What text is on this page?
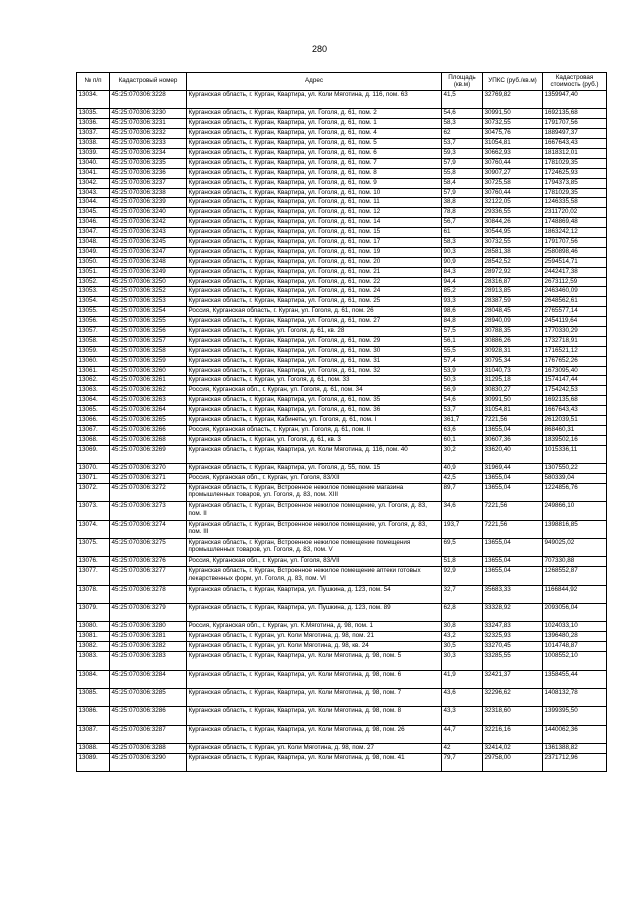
280
№ п/п	Кадастровый номер	Адрес	Площадь (кв.м)	УПКС (руб./кв.м)	Кадастровая стоимость (руб.)
13034.	45:25:070306:3228	Курганская область, г. Курган, Квартира, ул. Коли Мяготина, д. 116, пом. 63	41,5	32769,82	1359947,40
13035.	45:25:070306:3230	Курганская область, г. Курган, Квартира, ул. Гоголя, д. 61, пом. 2	54,6	30991,50	1692135,68
13036.	45:25:070306:3231	Курганская область, г. Курган, Квартира, ул. Гоголя, д. 61, пом. 1	58,3	30732,55	1791707,56
13037.	45:25:070306:3232	Курганская область, г. Курган, Квартира, ул. Гоголя, д. 61, пом. 4	62	30475,76	1889497,37
13038.	45:25:070306:3233	Курганская область, г. Курган, Квартира, ул. Гоголя, д. 61, пом. 5	53,7	31054,81	1667643,43
13039.	45:25:070306:3234	Курганская область, г. Курган, Квартира, ул. Гоголя, д. 61, пом. 6	59,3	30662,93	1818312,01
13040.	45:25:070306:3235	Курганская область, г. Курган, Квартира, ул. Гоголя, д. 61, пом. 7	57,9	30760,44	1781029,35
13041.	45:25:070306:3236	Курганская область, г. Курган, Квартира, ул. Гоголя, д. 61, пом. 8	55,8	30907,27	1724625,93
13042.	45:25:070306:3237	Курганская область, г. Курган, Квартира, ул. Гоголя, д. 61, пом. 9	58,4	30725,58	1794373,85
13043.	45:25:070306:3238	Курганская область, г. Курган, Квартира, ул. Гоголя, д. 61, пом. 10	57,9	30760,44	1781029,35
13044.	45:25:070306:3239	Курганская область, г. Курган, Квартира, ул. Гоголя, д. 61, пом. 11	38,8	32122,05	1246335,58
13045.	45:25:070306:3240	Курганская область, г. Курган, Квартира, ул. Гоголя, д. 61, пом. 12	78,8	29336,55	2311720,02
13046.	45:25:070306:3242	Курганская область, г. Курган, Квартира, ул. Гоголя, д. 61, пом. 14	56,7	30844,26	1748869,48
13047.	45:25:070306:3243	Курганская область, г. Курган, Квартира, ул. Гоголя, д. 61, пом. 15	61	30544,95	1863242,12
13048.	45:25:070306:3245	Курганская область, г. Курган, Квартира, ул. Гоголя, д. 61, пом. 17	58,3	30732,55	1791707,56
13049.	45:25:070306:3247	Курганская область, г. Курган, Квартира, ул. Гоголя, д. 61, пом. 19	90,3	28581,38	2580898,46
13050.	45:25:070306:3248	Курганская область, г. Курган, Квартира, ул. Гоголя, д. 61, пом. 20	90,9	28542,52	2594514,71
13051.	45:25:070306:3249	Курганская область, г. Курган, Квартира, ул. Гоголя, д. 61, пом. 21	84,3	28972,92	2442417,38
13052.	45:25:070306:3250	Курганская область, г. Курган, Квартира, ул. Гоголя, д. 61, пом. 22	94,4	28316,87	2673112,59
13053.	45:25:070306:3252	Курганская область, г. Курган, Квартира, ул. Гоголя, д. 61, пом. 24	85,2	28913,85	2463460,09
13054.	45:25:070306:3253	Курганская область, г. Курган, Квартира, ул. Гоголя, д. 61, пом. 25	93,3	28387,59	2648562,61
13055.	45:25:070306:3254	Россия, Курганская область, г. Курган, ул. Гоголя, д. 61, пом. 26	98,6	28048,45	2765577,14
13056.	45:25:070306:3255	Курганская область, г. Курган, Квартира, ул. Гоголя, д. 61, пом. 27	84,8	28940,09	2454119,64
13057.	45:25:070306:3256	Курганская область, г. Курган, ул. Гоголя, д. 61, кв. 28	57,5	30788,35	1770330,29
13058.	45:25:070306:3257	Курганская область, г. Курган, Квартира, ул. Гоголя, д. 61, пом. 29	56,1	30886,26	1732718,91
13059.	45:25:070306:3258	Курганская область, г. Курган, Квартира, ул. Гоголя, д. 61, пом. 30	55,5	30928,31	1716521,12
13060.	45:25:070306:3259	Курганская область, г. Курган, Квартира, ул. Гоголя, д. 61, пом. 31	57,4	30795,34	1767652,26
13061.	45:25:070306:3260	Курганская область, г. Курган, Квартира, ул. Гоголя, д. 61, пом. 32	53,9	31040,73	1673095,40
13062.	45:25:070306:3261	Курганская область, г. Курган, ул. Гоголя, д. 61, пом. 33	50,3	31295,18	1574147,44
13063.	45:25:070306:3262	Россия, Курганская обл., г. Курган, ул. Гоголя, д. 61, пом. 34	56,9	30830,27	1754242,53
13064.	45:25:070306:3263	Курганская область, г. Курган, Квартира, ул. Гоголя, д. 61, пом. 35	54,6	30991,50	1692135,68
13065.	45:25:070306:3264	Курганская область, г. Курган, Квартира, ул. Гоголя, д. 61, пом. 36	53,7	31054,81	1667643,43
13066.	45:25:070306:3265	Курганская область, г. Курган, Кабинеты, ул. Гоголя, д. 61, пом. I	361,7	7221,56	2612039,51
13067.	45:25:070306:3266	Россия, Курганская область, г. Курган, ул. Гоголя, д. 61, пом. II	63,6	13655,04	868460,31
13068.	45:25:070306:3268	Курганская область, г. Курган, ул. Гоголя, д. 61, кв. 3	60,1	30607,36	1839502,16
13069.	45:25:070306:3269	Курганская область, г. Курган, Квартира, ул. Коли Мяготина, д. 116, пом. 40	30,2	33620,40	1015336,11
13070.	45:25:070306:3270	Курганская область, г. Курган, Квартира, ул. Гоголя, д. 55, пом. 15	40,9	31969,44	1307550,22
13071.	45:25:070306:3271	Россия, Курганская обл., г. Курган, ул. Гоголя, 83/XII	42,5	13655,04	580339,04
13072.	45:25:070306:3272	Курганская область, г. Курган, Встроенное нежилое помещение магазина промышленных товаров, ул. Гоголя, д. 83, пом. XIII	89,7	13655,04	1224856,76
13073.	45:25:070306:3273	Курганская область, г. Курган, Встроенное нежилое помещение, ул. Гоголя, д. 83, пом. II	34,6	7221,56	249866,10
13074.	45:25:070306:3274	Курганская область, г. Курган, Встроенное нежилое помещение, ул. Гоголя, д. 83, пом. III	193,7	7221,56	1398816,85
13075.	45:25:070306:3275	Курганская область, г. Курган, Встроенное нежилое помещение помещения промышленных товаров, ул. Гоголя, д. 83, пом. V	69,5	13655,04	949025,02
13076.	45:25:070306:3276	Россия, Курганская обл., г. Курган, ул. Гоголя, 83/VII	51,8	13655,04	707330,88
13077.	45:25:070306:3277	Курганская область, г. Курган, Встроенное нежилое помещение аптеки готовых лекарственных форм, ул. Гоголя, д. 83, пом. VI	92,9	13655,04	1268552,87
13078.	45:25:070306:3278	Курганская область, г. Курган, Квартира, ул. Пушкина, д. 123, пом. 54	32,7	35683,33	1166844,92
13079.	45:25:070306:3279	Курганская область, г. Курган, Квартира, ул. Пушкина, д. 123, пом. 89	62,8	33328,92	2093056,04
13080.	45:25:070306:3280	Россия, Курганская обл., г. Курган, ул. К.Мяготина, д. 98, пом. 1	30,8	33247,83	1024033,10
13081.	45:25:070306:3281	Курганская область, г. Курган, ул. Коли Мяготина, д. 98, пом. 21	43,2	32325,93	1396480,28
13082.	45:25:070306:3282	Курганская область, г. Курган, ул. Коли Мяготина, д. 98, кв. 24	30,5	33270,45	1014748,87
13083.	45:25:070306:3283	Курганская область, г. Курган, Квартира, ул. Коли Мяготина, д. 98, пом. 5	30,3	33285,55	1008552,10
13084.	45:25:070306:3284	Курганская область, г. Курган, Квартира, ул. Коли Мяготина, д. 98, пом. 6	41,9	32421,37	1358455,44
13085.	45:25:070306:3285	Курганская область, г. Курган, Квартира, ул. Коли Мяготина, д. 98, пом. 7	43,6	32296,62	1408132,78
13086.	45:25:070306:3286	Курганская область, г. Курган, Квартира, ул. Коли Мяготина, д. 98, пом. 8	43,3	32318,60	1399395,50
13087.	45:25:070306:3287	Курганская область, г. Курган, Квартира, ул. Коли Мяготина, д. 98, пом. 26	44,7	32216,16	1440062,36
13088.	45:25:070306:3288	Курганская область, г. Курган, ул. Коли Мяготина, д. 98, пом. 27	42	32414,02	1361388,82
13089.	45:25:070306:3290	Курганская область, г. Курган, Квартира, ул. Коли Мяготина, д. 98, пом. 41	79,7	29758,00	2371712,96
